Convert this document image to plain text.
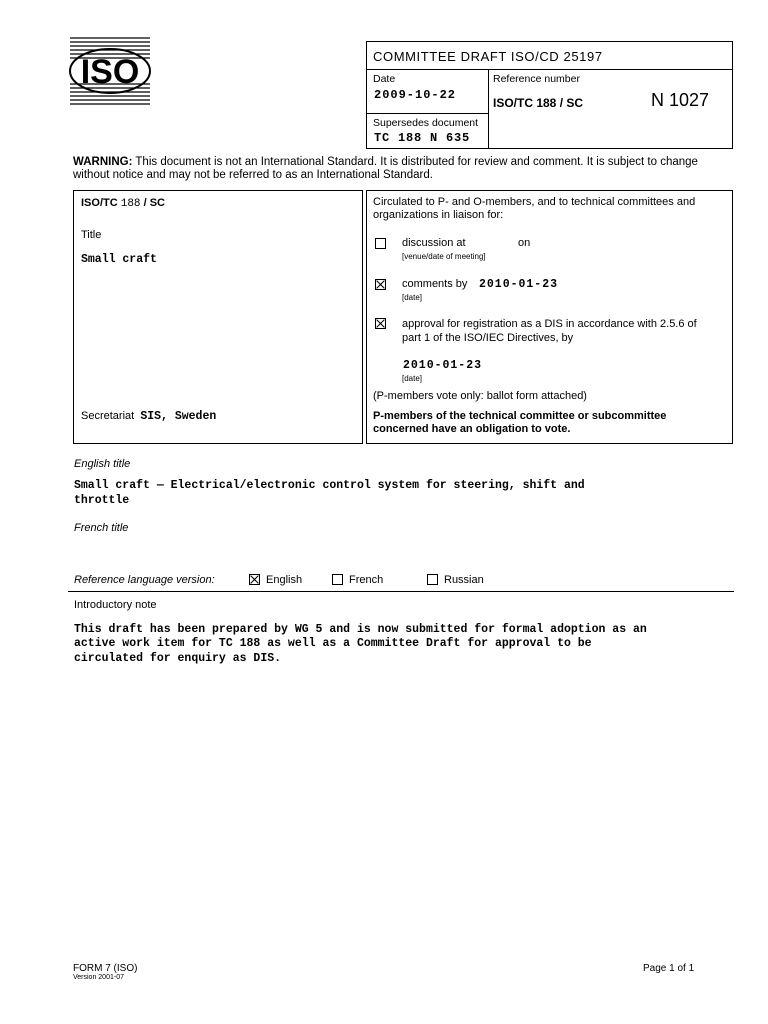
ISO	COMMITTEE DRAFT ISO/CD 25197
Date
2009-10-22
Reference number
ISO/TC 188 / SC	N 1027
Supersedes document
TC 188 N 635
WARNING: This document is not an International Standard. It is distributed for review and comment. It is subject to change
without notice and may not be referred to as an International Standard.
ISO/TC 188 / SC
Title
Small craft
Secretariat SIS, Sweden
Circulated to P- and O-members, and to technical committees and
organizations in liaison for:
discussion at	on
[venue/date of meeting]
comments by 2010-01-23
[date]
approval for registration as a DIS in accordance with 2.5.6 of
part 1 of the ISO/IEC Directives, by
2010-01-23
[date]
(P-members vote only: ballot form attached)
P-members of the technical committee or subcommittee
concerned have an obligation to vote.
English title
Small craft — Electrical/electronic control system for steering, shift and
throttle
French title
Reference language version:	English	French	Russian
Introductory note
This draft has been prepared by WG 5 and is now submitted for formal adoption as an
active work item for TC 188 as well as a Committee Draft for approval to be
circulated for enquiry as DIS.
FORM 7 (ISO)
Version 2001-07
Page 1 of 1
